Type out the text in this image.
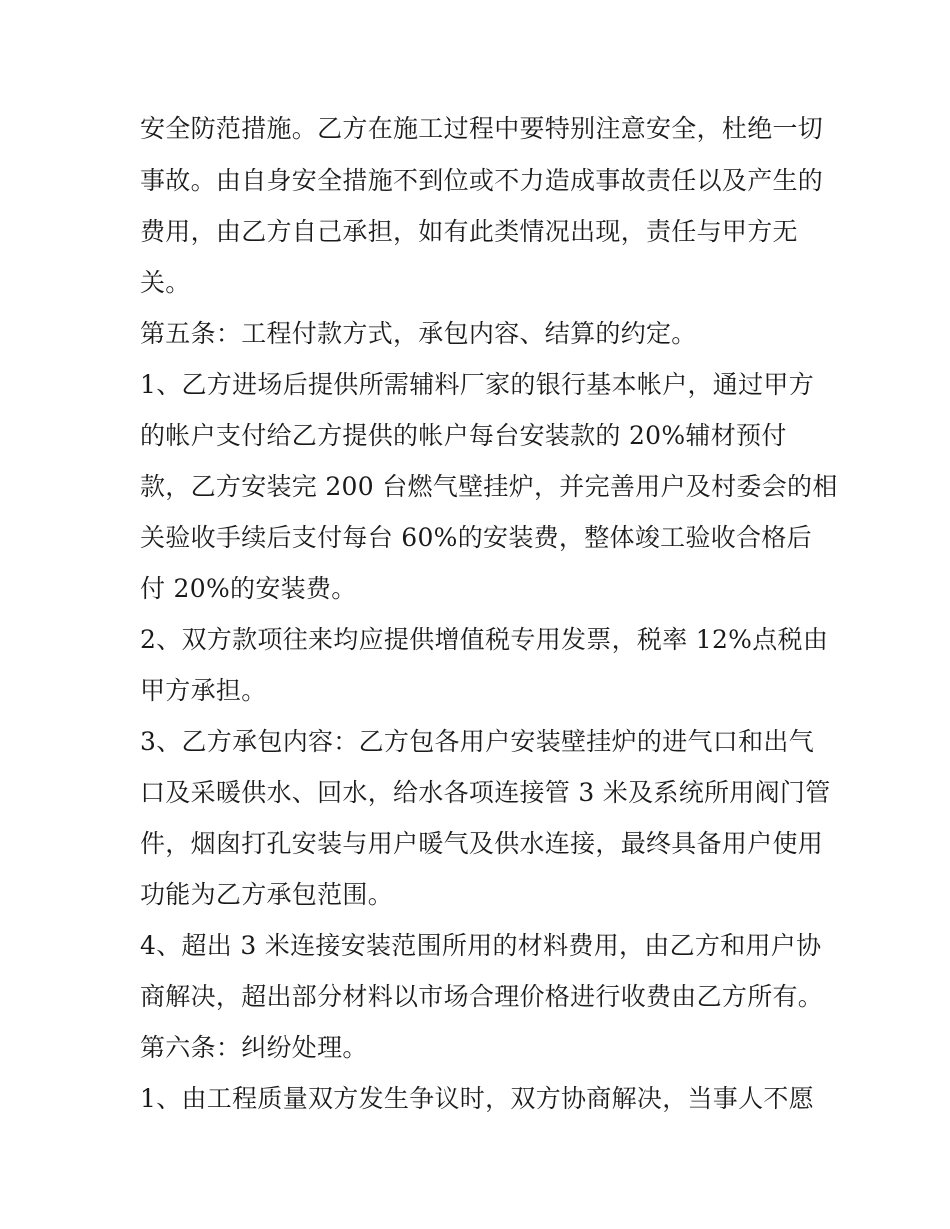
安全防范措施。乙方在施工过程中要特别注意安全，杜绝一切
事故。由自身安全措施不到位或不力造成事故责任以及产生的
费用，由乙方自己承担，如有此类情况出现，责任与甲方无
关。
第五条：工程付款方式，承包内容、结算的约定。
1、乙方进场后提供所需辅料厂家的银行基本帐户，通过甲方
的帐户支付给乙方提供的帐户每台安装款的 20%辅材预付
款，乙方安装完 200 台燃气壁挂炉，并完善用户及村委会的相
关验收手续后支付每台 60%的安装费，整体竣工验收合格后
付 20%的安装费。
2、双方款项往来均应提供增值税专用发票，税率 12%点税由
甲方承担。
3、乙方承包内容：乙方包各用户安装壁挂炉的进气口和出气
口及采暖供水、回水，给水各项连接管 3 米及系统所用阀门管
件，烟囱打孔安装与用户暖气及供水连接，最终具备用户使用
功能为乙方承包范围。
4、超出 3 米连接安装范围所用的材料费用，由乙方和用户协
商解决，超出部分材料以市场合理价格进行收费由乙方所有。
第六条：纠纷处理。
1、由工程质量双方发生争议时，双方协商解决，当事人不愿
